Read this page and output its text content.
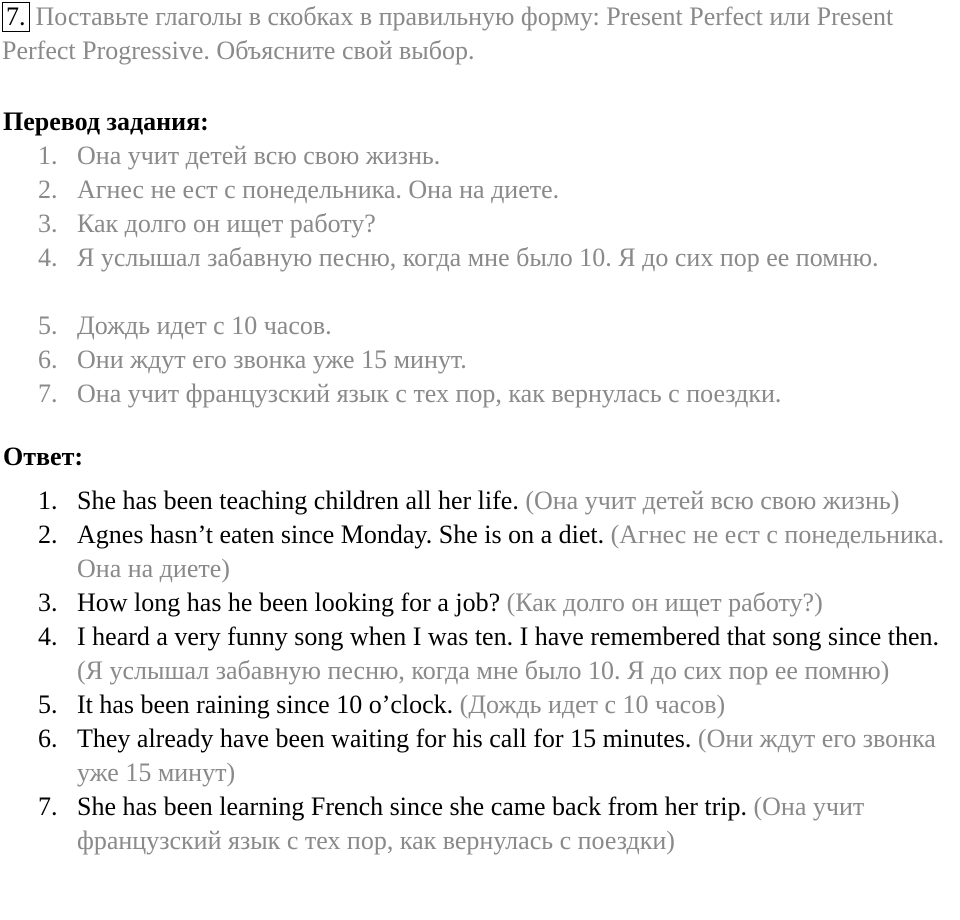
7. Поставьте глаголы в скобках в правильную форму: Present Perfect или Present Perfect Progressive. Объясните свой выбор.
Перевод задания:
1. Она учит детей всю свою жизнь.
2. Агнес не ест с понедельника. Она на диете.
3. Как долго он ищет работу?
4. Я услышал забавную песню, когда мне было 10. Я до сих пор ее помню.
5. Дождь идет с 10 часов.
6. Они ждут его звонка уже 15 минут.
7. Она учит французский язык с тех пор, как вернулась с поездки.
Ответ:
1. She has been teaching children all her life. (Она учит детей всю свою жизнь)
2. Agnes hasn’t eaten since Monday. She is on a diet. (Агнес не ест с понедельника. Она на диете)
3. How long has he been looking for a job? (Как долго он ищет работу?)
4. I heard a very funny song when I was ten. I have remembered that song since then. (Я услышал забавную песню, когда мне было 10. Я до сих пор ее помню)
5. It has been raining since 10 o’clock. (Дождь идет с 10 часов)
6. They already have been waiting for his call for 15 minutes. (Они ждут его звонка уже 15 минут)
7. She has been learning French since she came back from her trip. (Она учит французский язык с тех пор, как вернулась с поездки)
